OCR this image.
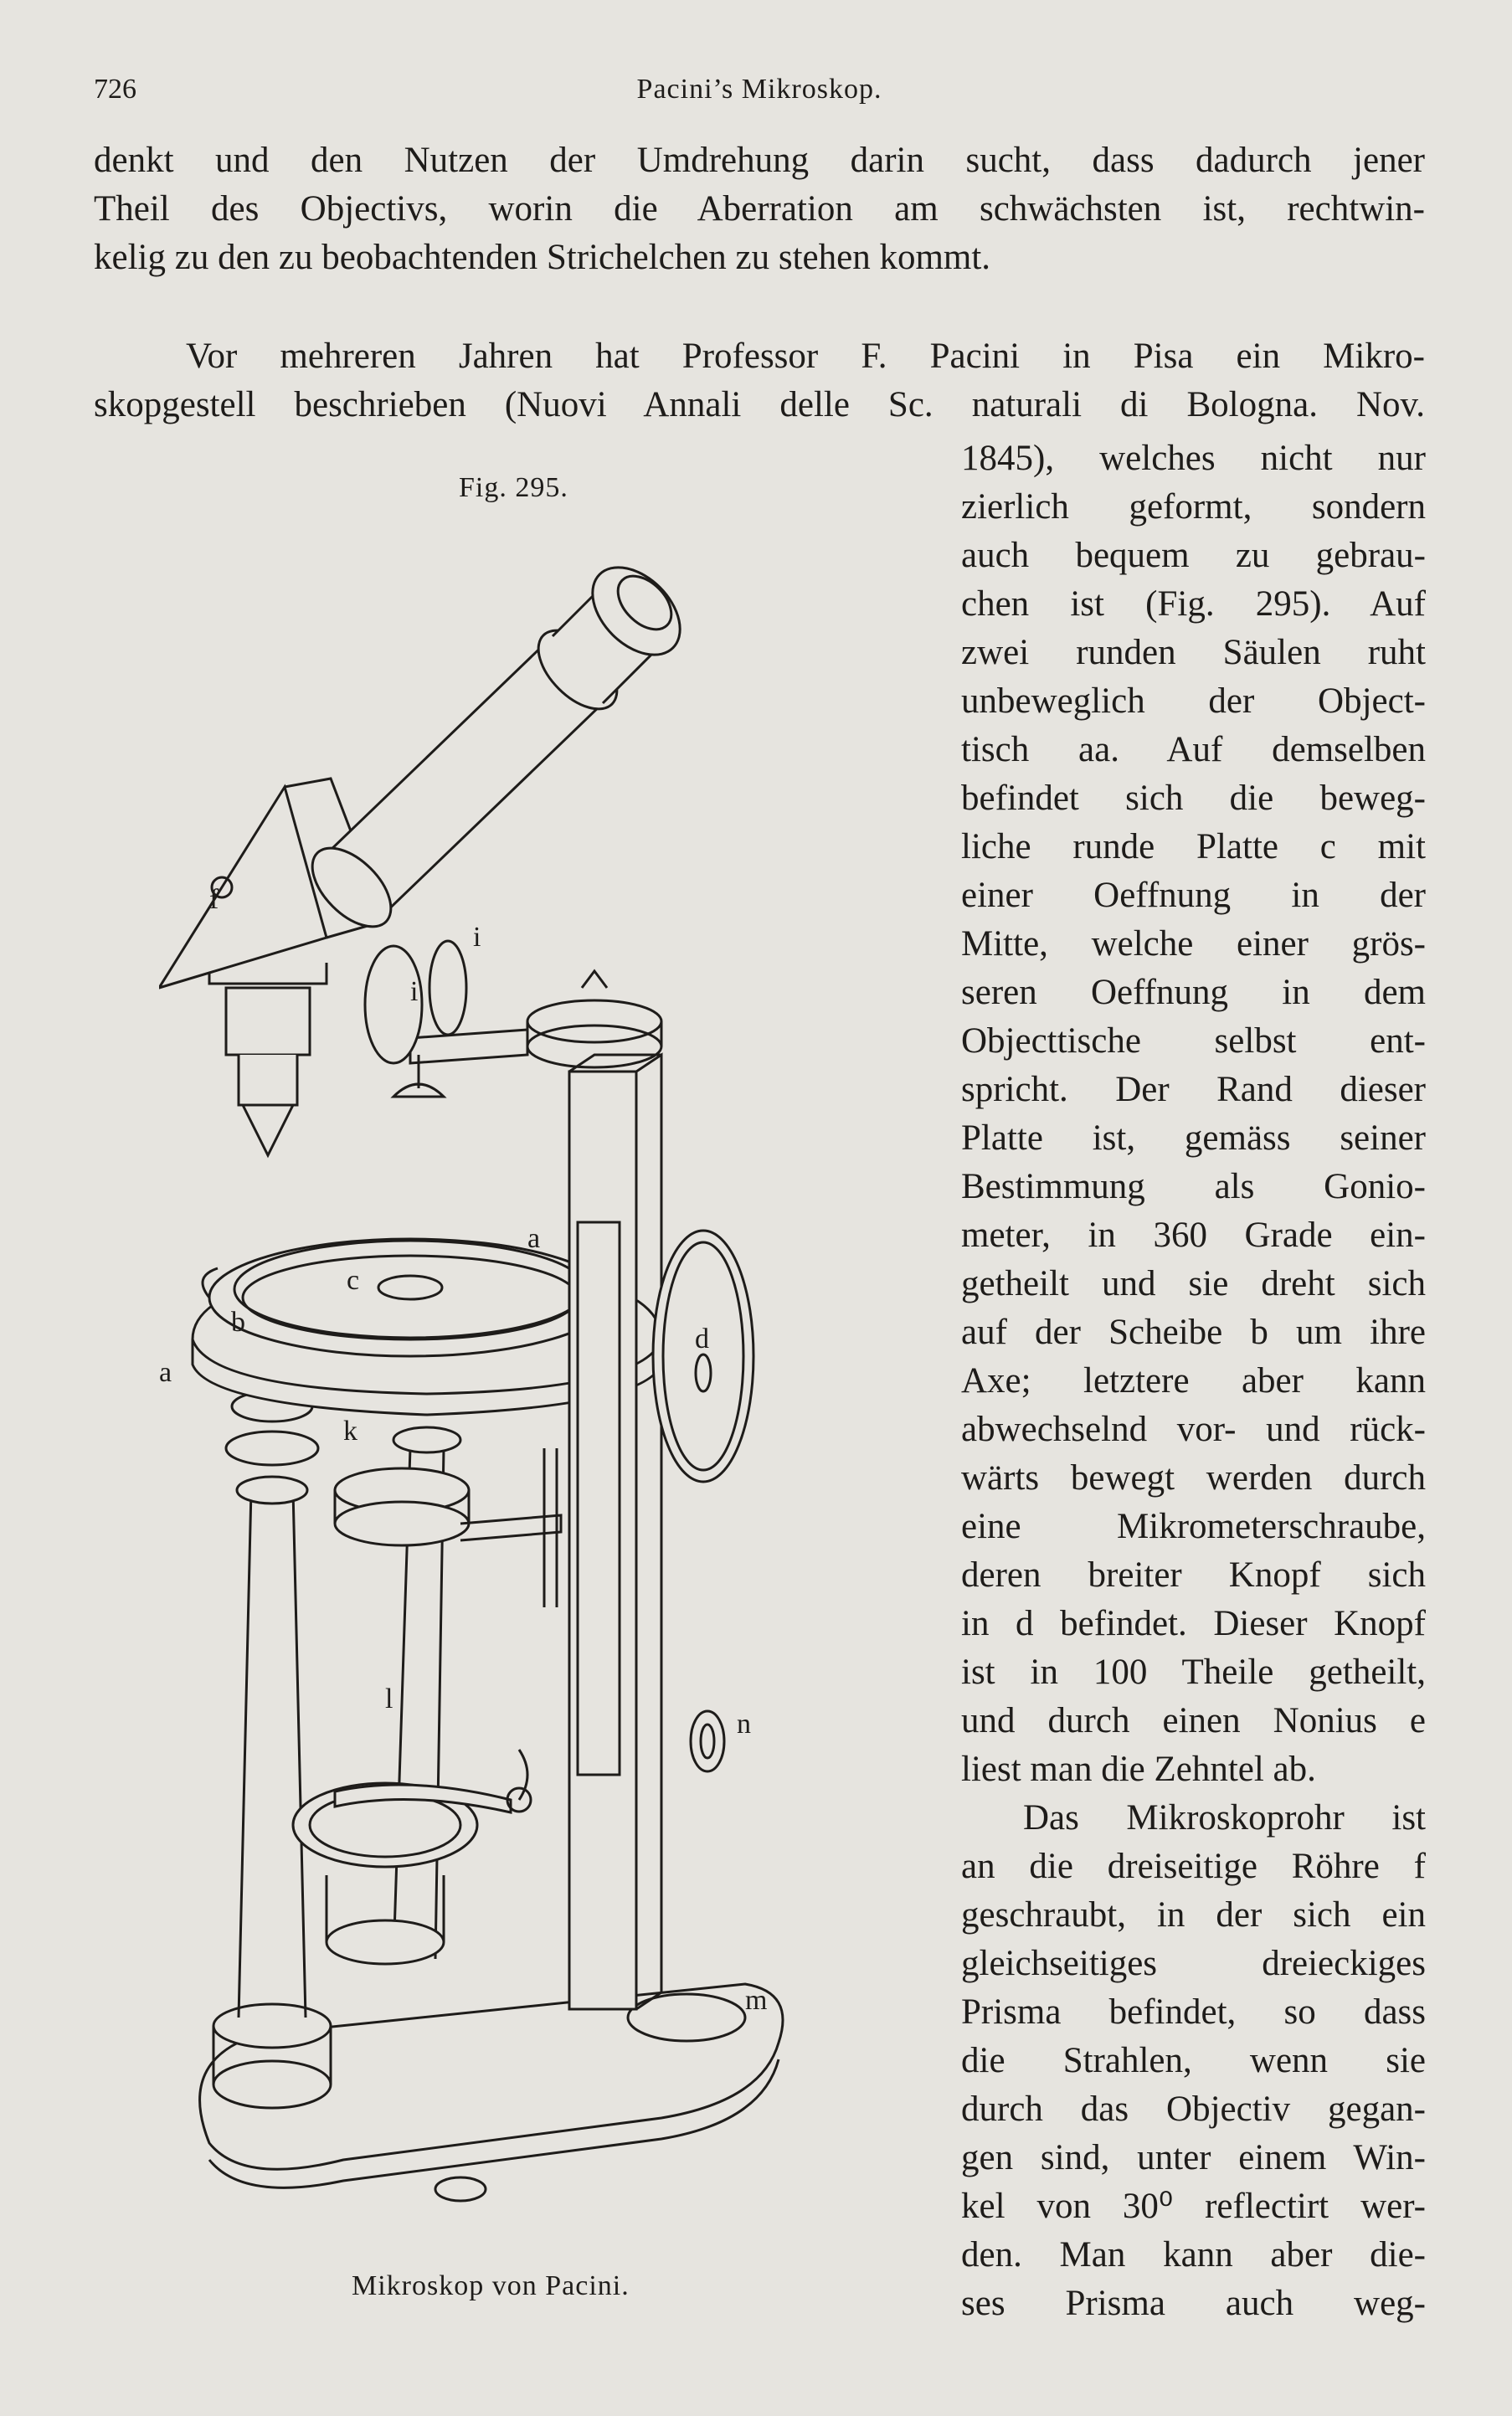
726	Pacini’s Mikroskop.
denkt und den Nutzen der Umdrehung darin sucht, dass dadurch jener
Theil des Objectivs, worin die Aberration am schwächsten ist, rechtwin-
kelig zu den zu beobachtenden Strichelchen zu stehen kommt.
Vor mehreren Jahren hat Professor F. Pacini in Pisa ein Mikro-
skopgestell beschrieben (Nuovi Annali delle Sc. naturali di Bologna. Nov.
1845), welches nicht nur
zierlich geformt, sondern
auch bequem zu gebrau-
chen ist (Fig. 295). Auf
zwei runden Säulen ruht
unbeweglich der Object-
tisch aa. Auf demselben
befindet sich die beweg-
liche runde Platte c mit
einer Oeffnung in der
Mitte, welche einer grös-
seren Oeffnung in dem
Objecttische selbst ent-
spricht. Der Rand dieser
Platte ist, gemäss seiner
Bestimmung als Gonio-
meter, in 360 Grade ein-
getheilt und sie dreht sich
auf der Scheibe b um ihre
Axe; letztere aber kann
abwechselnd vor- und rück-
wärts bewegt werden durch
eine Mikrometerschraube,
deren breiter Knopf sich
in d befindet. Dieser Knopf
ist in 100 Theile getheilt,
und durch einen Nonius e
liest man die Zehntel ab.
Das Mikroskoprohr ist
an die dreiseitige Röhre f
geschraubt, in der sich ein
gleichseitiges dreieckiges
Prisma befindet, so dass
die Strahlen, wenn sie
durch das Objectiv gegan-
gen sind, unter einem Win-
kel von 30⁰ reflectirt wer-
den. Man kann aber die-
ses Prisma auch weg-
Fig. 295.
f
i
i
a
a
b
c
d
k
l
n
m
Mikroskop von Pacini.
